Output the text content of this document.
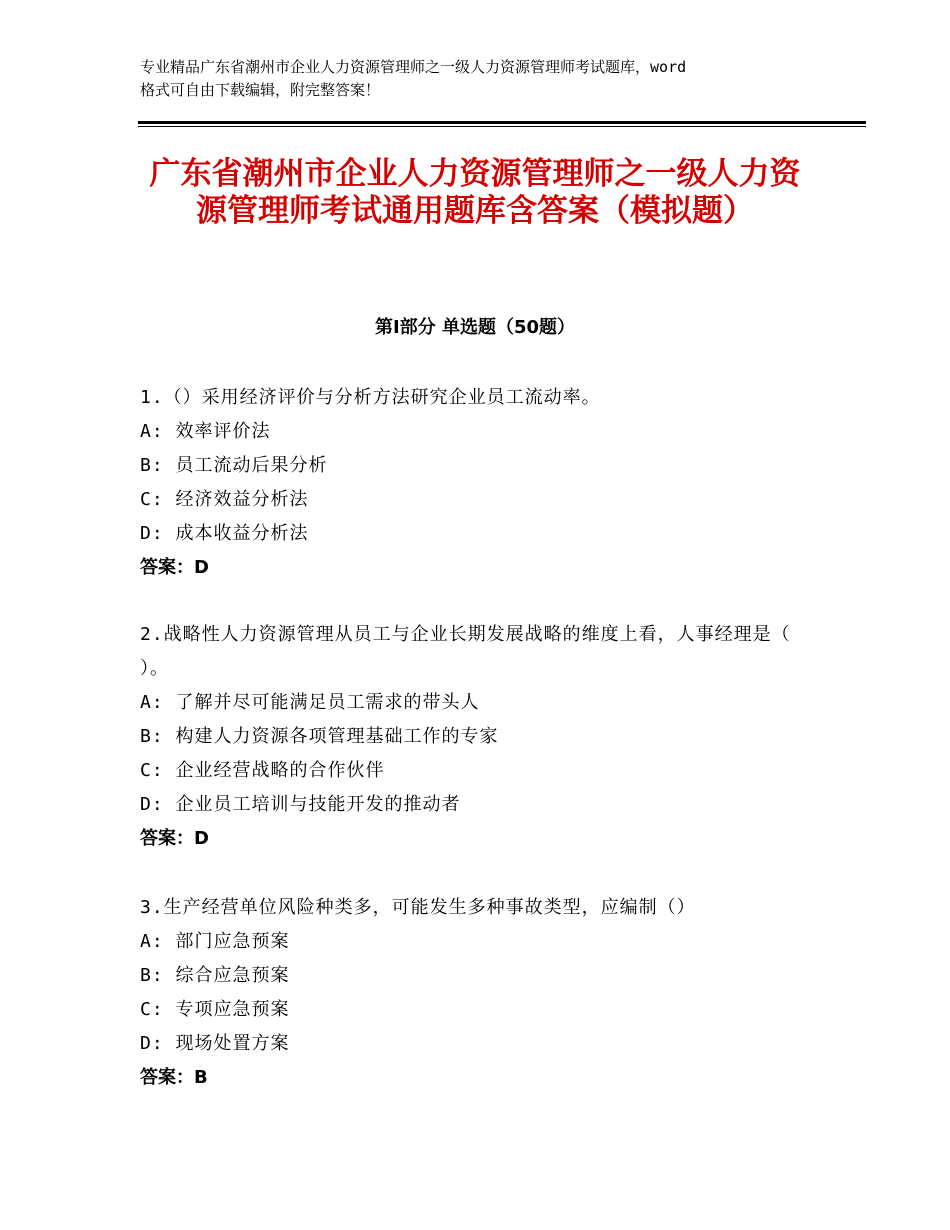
专业精品广东省潮州市企业人力资源管理师之一级人力资源管理师考试题库，word
格式可自由下载编辑，附完整答案！
广东省潮州市企业人力资源管理师之一级人力资源管理师考试通用题库含答案（模拟题）
第I部分 单选题（50题）
1.（）采用经济评价与分析方法研究企业员工流动率。
A: 效率评价法
B: 员工流动后果分析
C: 经济效益分析法
D: 成本收益分析法
答案：D
2.战略性人力资源管理从员工与企业长期发展战略的维度上看，人事经理是（ ）。
A: 了解并尽可能满足员工需求的带头人
B: 构建人力资源各项管理基础工作的专家
C: 企业经营战略的合作伙伴
D: 企业员工培训与技能开发的推动者
答案：D
3.生产经营单位风险种类多，可能发生多种事故类型，应编制（）
A: 部门应急预案
B: 综合应急预案
C: 专项应急预案
D: 现场处置方案
答案：B
